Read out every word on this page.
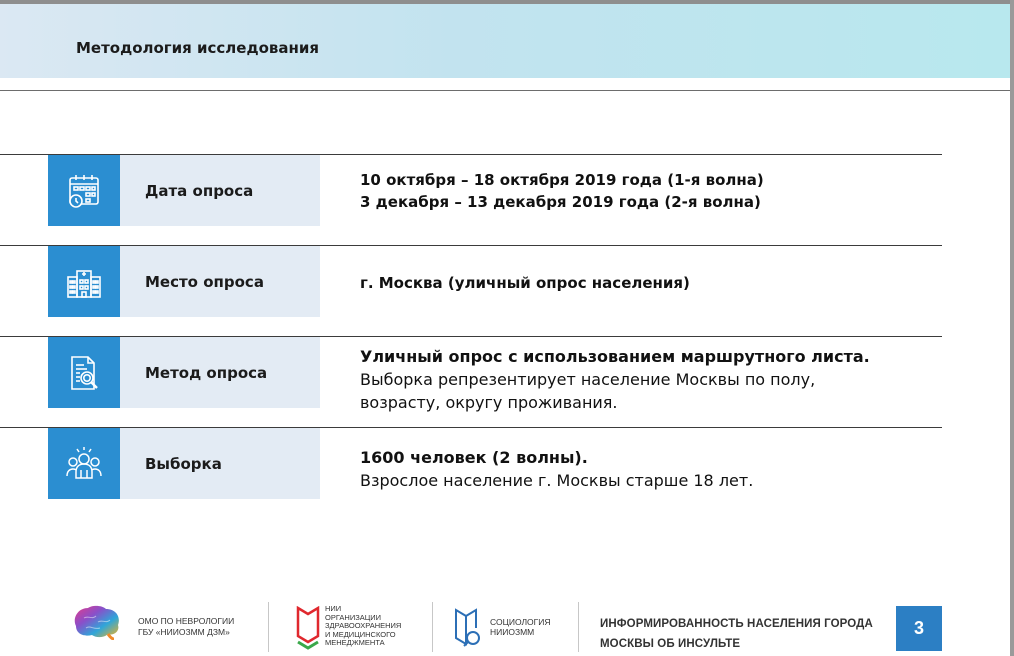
Методология исследования
Дата опроса
10 октября – 18 октября 2019 года (1-я волна)
3 декабря – 13 декабря 2019 года (2-я волна)
Место опроса	г. Москва (уличный опрос населения)
Метод опроса
Уличный опрос с использованием маршрутного листа.
Выборка репрезентирует население Москвы по полу,
возрасту, округу проживания.
Выборка	1600 человек (2 волны).
Взрослое население г. Москвы старше 18 лет.
ОМО ПО НЕВРОЛОГИИ
ГБУ «НИИОЗММ ДЗМ»
НИИ
ОРГАНИЗАЦИИ
ЗДРАВООХРАНЕНИЯ
И МЕДИЦИНСКОГО
МЕНЕДЖМЕНТА
СОЦИОЛОГИЯ
НИИОЗММ
ИНФОРМИРОВАННОСТЬ НАСЕЛЕНИЯ ГОРОДА
МОСКВЫ ОБ ИНСУЛЬТЕ
3
